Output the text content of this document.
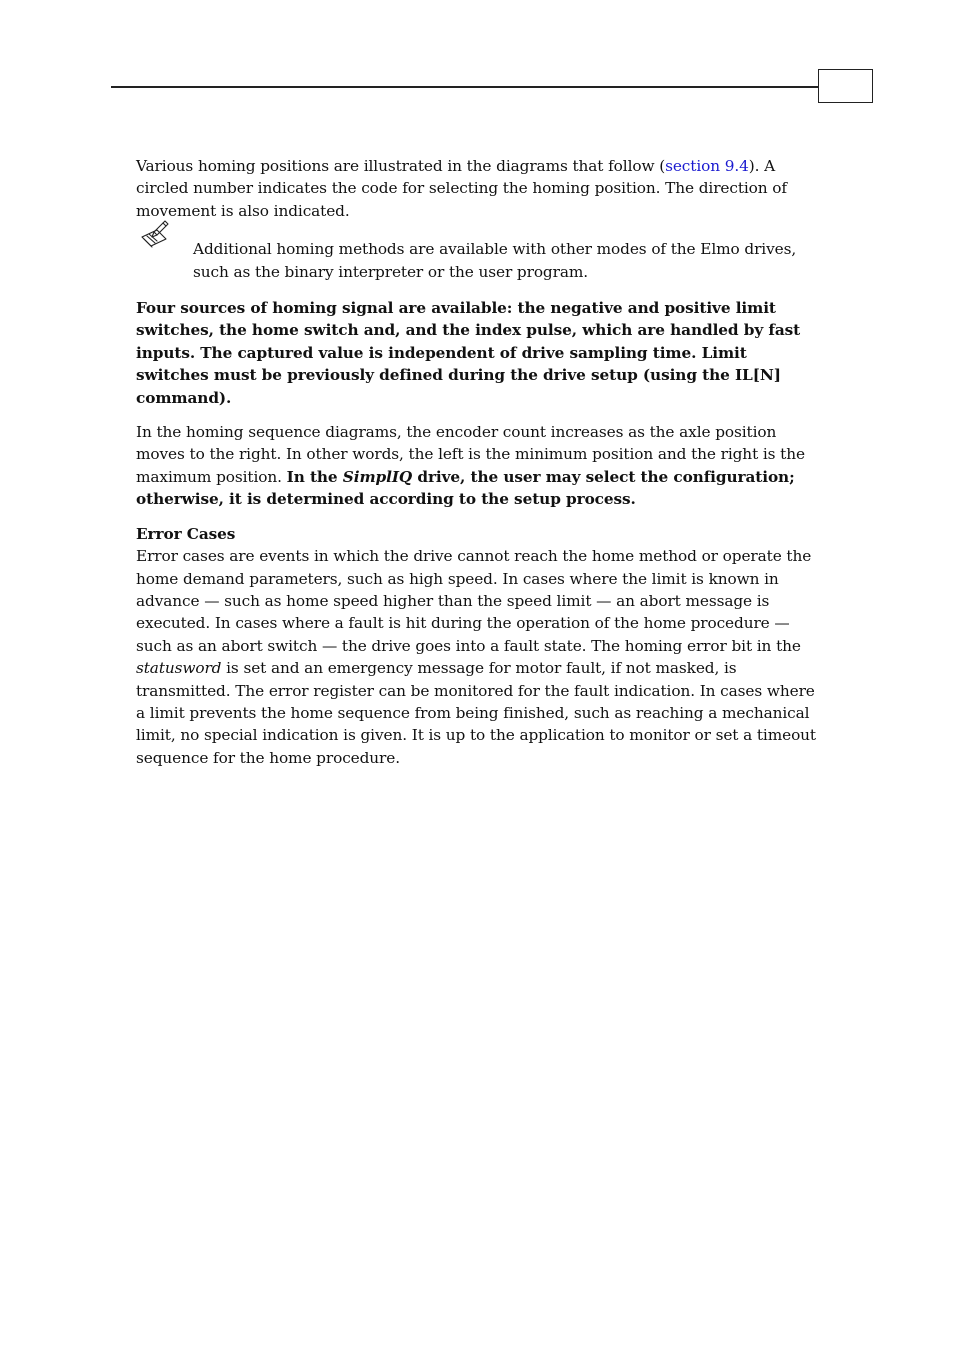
Various homing positions are illustrated in the diagrams that follow (section 9.4). A circled number indicates the code for selecting the homing position. The direction of movement is also indicated.

Additional homing methods are available with other modes of the Elmo drives, such as the binary interpreter or the user program.

Four sources of homing signal are available: the negative and positive limit switches, the home switch and, and the index pulse, which are handled by fast inputs. The captured value is independent of drive sampling time. Limit switches must be previously defined during the drive setup (using the IL[N] command).

In the homing sequence diagrams, the encoder count increases as the axle position moves to the right. In other words, the left is the minimum position and the right is the maximum position. In the SimplIQ drive, the user may select the configuration; otherwise, it is determined according to the setup process.

Error Cases

Error cases are events in which the drive cannot reach the home method or operate the home demand parameters, such as high speed. In cases where the limit is known in advance — such as home speed higher than the speed limit — an abort message is executed. In cases where a fault is hit during the operation of the home procedure — such as an abort switch — the drive goes into a fault state. The homing error bit in the statusword is set and an emergency message for motor fault, if not masked, is transmitted. The error register can be monitored for the fault indication. In cases where a limit prevents the home sequence from being finished, such as reaching a mechanical limit, no special indication is given. It is up to the application to monitor or set a timeout sequence for the home procedure.
